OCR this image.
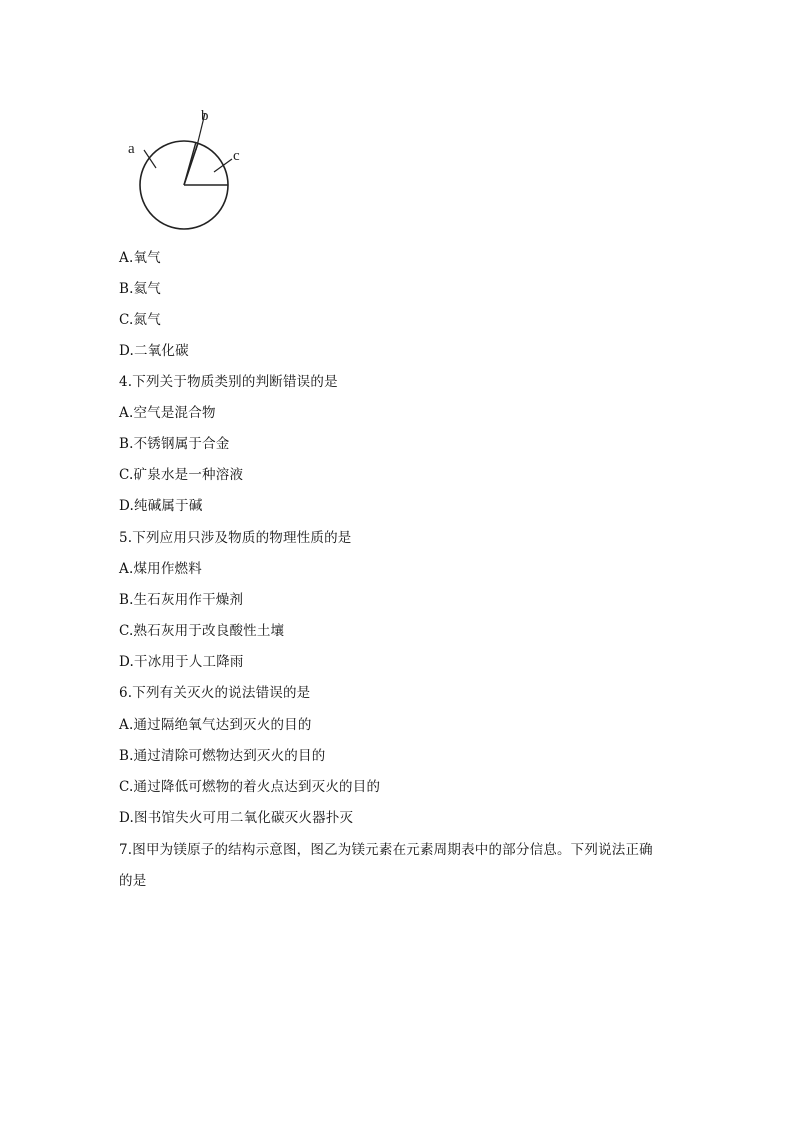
a
b
c
A.氧气
B.氦气
C.氮气
D.二氧化碳
4.下列关于物质类别的判断错误的是
A.空气是混合物
B.不锈钢属于合金
C.矿泉水是一种溶液
D.纯碱属于碱
5.下列应用只涉及物质的物理性质的是
A.煤用作燃料
B.生石灰用作干燥剂
C.熟石灰用于改良酸性土壤
D.干冰用于人工降雨
6.下列有关灭火的说法错误的是
A.通过隔绝氧气达到灭火的目的
B.通过清除可燃物达到灭火的目的
C.通过降低可燃物的着火点达到灭火的目的
D.图书馆失火可用二氧化碳灭火器扑灭
7.图甲为镁原子的结构示意图，图乙为镁元素在元素周期表中的部分信息。下列说法正确
的是
